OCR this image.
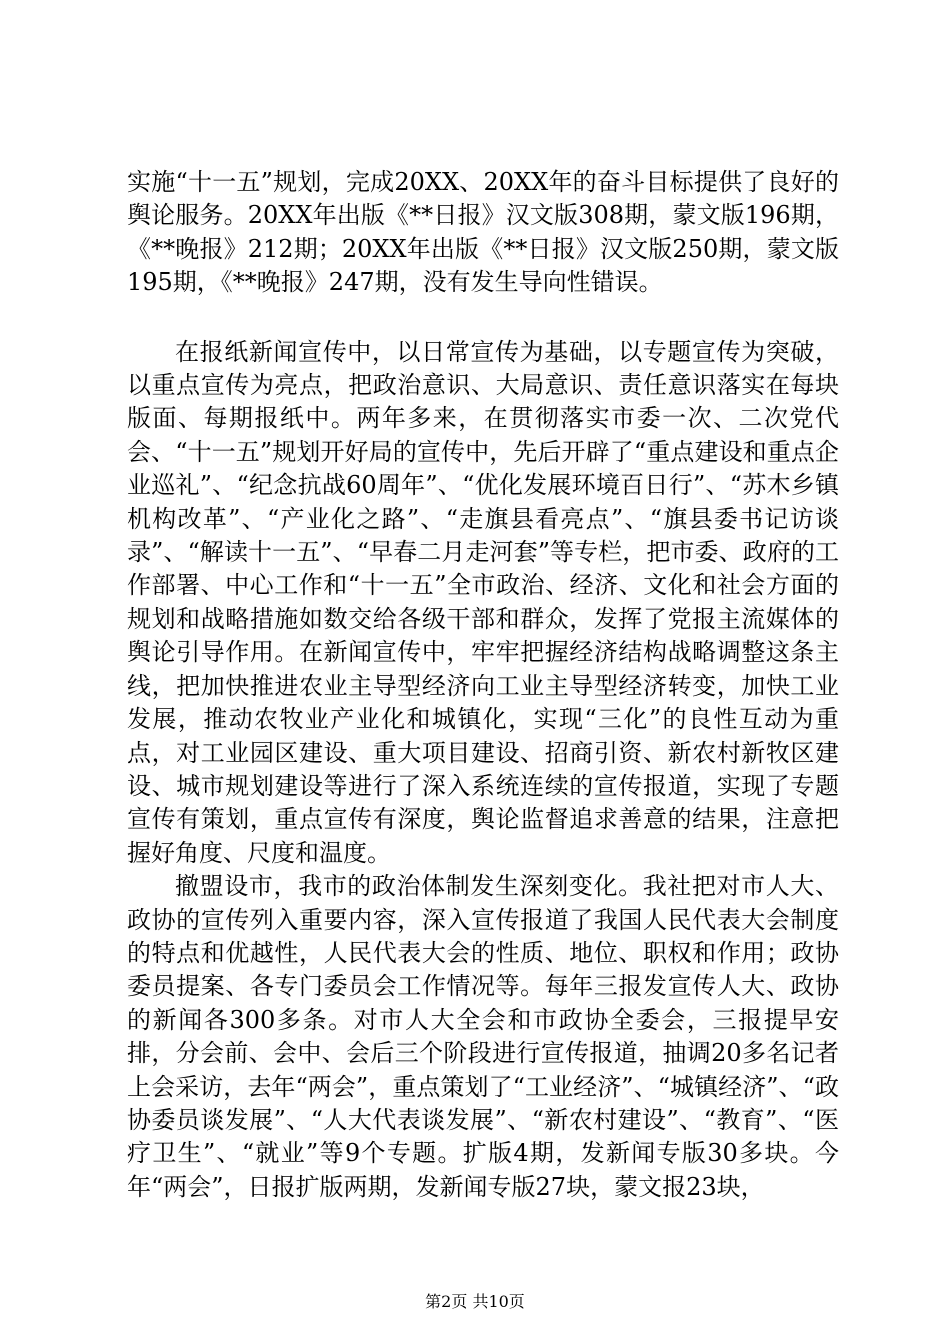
实施“十一五”规划，完成20XX、20XX年的奋斗目标提供了良好的舆论服务。20XX年出版《**日报》汉文版308期，蒙文版196期，《**晚报》212期；20XX年出版《**日报》汉文版250期，蒙文版195期，《**晚报》247期，没有发生导向性错误。

在报纸新闻宣传中，以日常宣传为基础，以专题宣传为突破，以重点宣传为亮点，把政治意识、大局意识、责任意识落实在每块版面、每期报纸中。两年多来，在贯彻落实市委一次、二次党代会、“十一五”规划开好局的宣传中，先后开辟了“重点建设和重点企业巡礼”、“纪念抗战60周年”、“优化发展环境百日行”、“苏木乡镇机构改革”、“产业化之路”、“走旗县看亮点”、“旗县委书记访谈录”、“解读十一五”、“早春二月走河套”等专栏，把市委、政府的工作部署、中心工作和“十一五”全市政治、经济、文化和社会方面的规划和战略措施如数交给各级干部和群众，发挥了党报主流媒体的舆论引导作用。在新闻宣传中，牢牢把握经济结构战略调整这条主线，把加快推进农业主导型经济向工业主导型经济转变，加快工业发展，推动农牧业产业化和城镇化，实现“三化”的良性互动为重点，对工业园区建设、重大项目建设、招商引资、新农村新牧区建设、城市规划建设等进行了深入系统连续的宣传报道，实现了专题宣传有策划，重点宣传有深度，舆论监督追求善意的结果，注意把握好角度、尺度和温度。

撤盟设市，我市的政治体制发生深刻变化。我社把对市人大、政协的宣传列入重要内容，深入宣传报道了我国人民代表大会制度的特点和优越性，人民代表大会的性质、地位、职权和作用；政协委员提案、各专门委员会工作情况等。每年三报发宣传人大、政协的新闻各300多条。对市人大全会和市政协全委会，三报提早安排，分会前、会中、会后三个阶段进行宣传报道，抽调20多名记者上会采访，去年“两会”，重点策划了“工业经济”、“城镇经济”、“政协委员谈发展”、“人大代表谈发展”、“新农村建设”、“教育”、“医疗卫生”、“就业”等9个专题。扩版4期，发新闻专版30多块。今年“两会”，日报扩版两期，发新闻专版27块，蒙文报23块，

第2页 共10页
